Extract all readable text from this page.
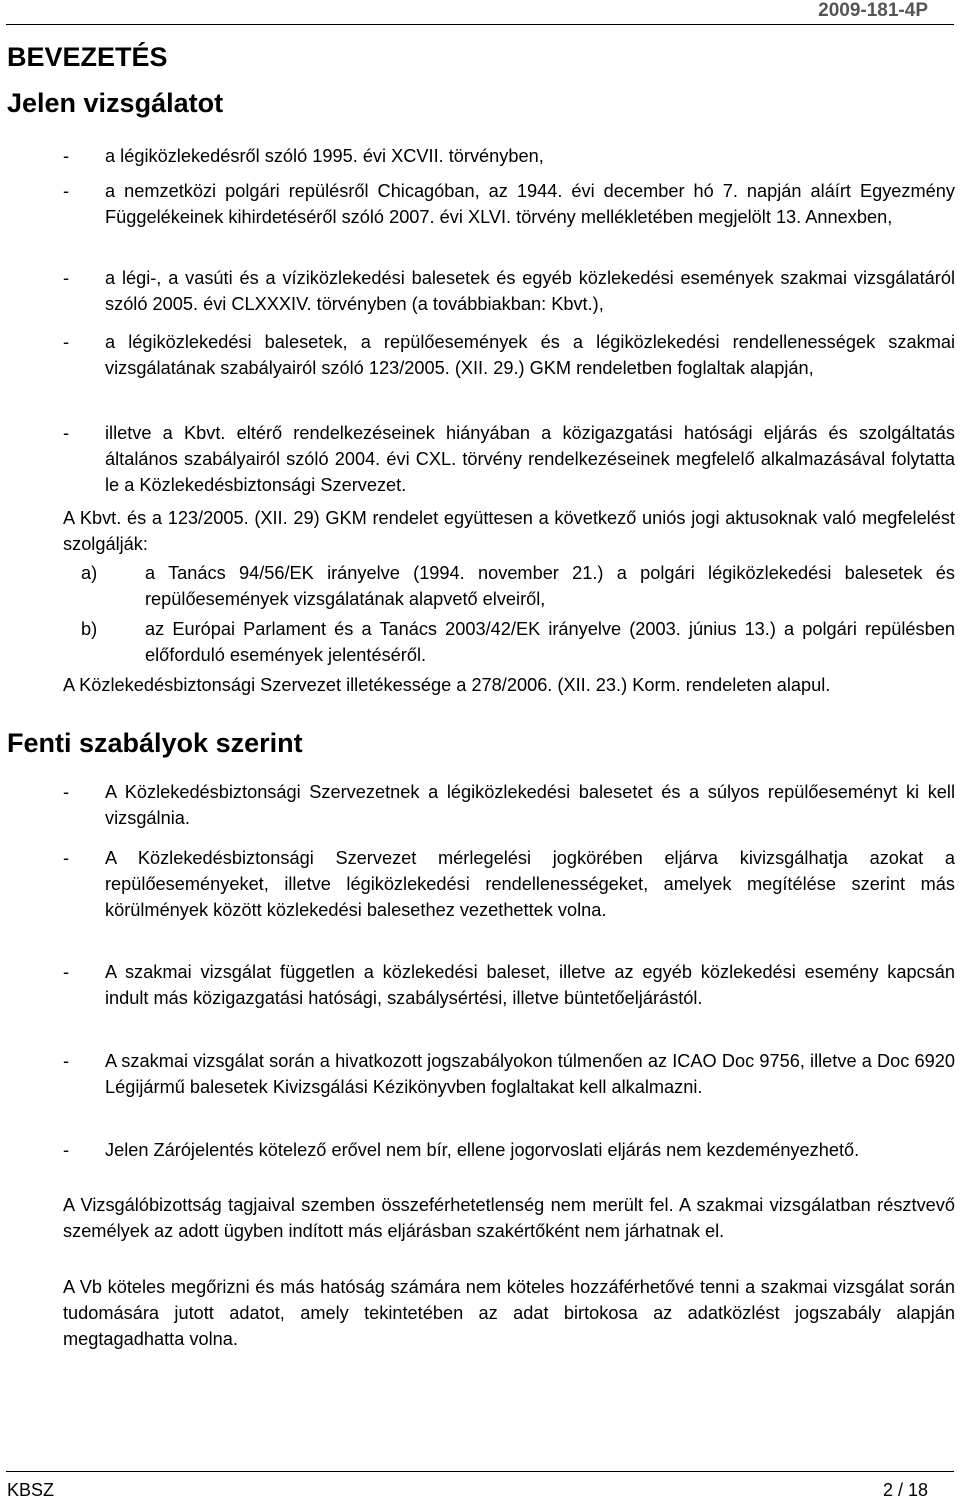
2009-181-4P
BEVEZETÉS
Jelen vizsgálatot
- a légiközlekedésről szóló 1995. évi XCVII. törvényben,

- a nemzetközi polgári repülésről Chicagóban, az 1944. évi december hó 7. napján aláírt Egyezmény Függelékeinek kihirdetéséről szóló 2007. évi XLVI. törvény mellékletében megjelölt 13. Annexben,

- a légi-, a vasúti és a víziközlekedési balesetek és egyéb közlekedési események szakmai vizsgálatáról szóló 2005. évi CLXXXIV. törvényben (a továbbiakban: Kbvt.),

- a légiközlekedési balesetek, a repülőesemények és a légiközlekedési rendellenességek szakmai vizsgálatának szabályairól szóló 123/2005. (XII. 29.) GKM rendeletben foglaltak alapján,

- illetve a Kbvt. eltérő rendelkezéseinek hiányában a közigazgatási hatósági eljárás és szolgáltatás általános szabályairól szóló 2004. évi CXL. törvény rendelkezéseinek megfelelő alkalmazásával folytatta le a Közlekedésbiztonsági Szervezet.

A Kbvt. és a 123/2005. (XII. 29) GKM rendelet együttesen a következő uniós jogi aktusoknak való megfelelést szolgálják:

a)	a Tanács 94/56/EK irányelve (1994. november 21.) a polgári légiközlekedési balesetek és repülőesemények vizsgálatának alapvető elveiről,

b)	az Európai Parlament és a Tanács 2003/42/EK irányelve (2003. június 13.) a polgári repülésben előforduló események jelentéséről.

A Közlekedésbiztonsági Szervezet illetékessége a 278/2006. (XII. 23.) Korm. rendeleten alapul.

Fenti szabályok szerint
- A Közlekedésbiztonsági Szervezetnek a légiközlekedési balesetet és a súlyos repülőeseményt ki kell vizsgálnia.

- A Közlekedésbiztonsági Szervezet mérlegelési jogkörében eljárva kivizsgálhatja azokat a repülőeseményeket, illetve légiközlekedési rendellenességeket, amelyek megítélése szerint más körülmények között közlekedési balesethez vezethettek volna.

- A szakmai vizsgálat független a közlekedési baleset, illetve az egyéb közlekedési esemény kapcsán indult más közigazgatási hatósági, szabálysértési, illetve büntetőeljárástól.

- A szakmai vizsgálat során a hivatkozott jogszabályokon túlmenően az ICAO Doc 9756, illetve a Doc 6920 Légijármű balesetek Kivizsgálási Kézikönyvben foglaltakat kell alkalmazni.

- Jelen Zárójelentés kötelező erővel nem bír, ellene jogorvoslati eljárás nem kezdeményezhető.

A Vizsgálóbizottság tagjaival szemben összeférhetetlenség nem merült fel. A szakmai vizsgálatban résztvevő személyek az adott ügyben indított más eljárásban szakértőként nem járhatnak el.

A Vb köteles megőrizni és más hatóság számára nem köteles hozzáférhetővé tenni a szakmai vizsgálat során tudomására jutott adatot, amely tekintetében az adat birtokosa az adatközlést jogszabály alapján megtagadhatta volna.

KBSZ	2 / 18
